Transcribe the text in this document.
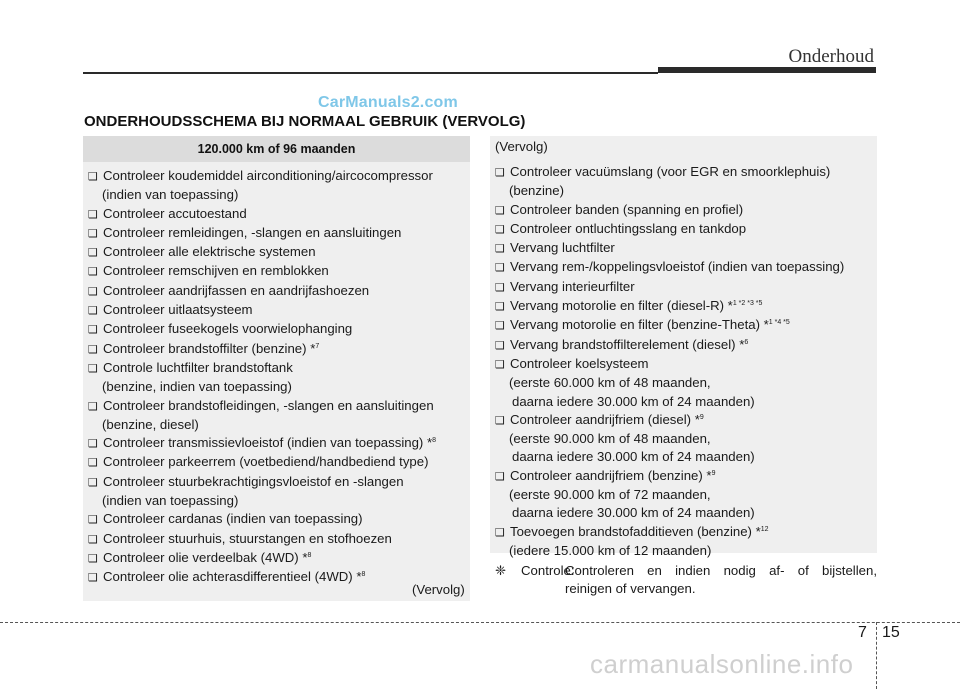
Onderhoud
CarManuals2.com
ONDERHOUDSSCHEMA BIJ NORMAAL GEBRUIK (VERVOLG)
120.000 km of 96 maanden
❑ Controleer koudemiddel airconditioning/aircocompressor
(indien van toepassing)
❑ Controleer accutoestand
❑ Controleer remleidingen, -slangen en aansluitingen
❑ Controleer alle elektrische systemen
❑ Controleer remschijven en remblokken
❑ Controleer aandrijfassen en aandrijfashoezen
❑ Controleer uitlaatsysteem
❑ Controleer fuseekogels voorwielophanging
❑ Controleer brandstoffilter (benzine) *$^7$
❑ Controle luchtfilter brandstoftank
(benzine, indien van toepassing)
❑ Controleer brandstofleidingen, -slangen en aansluitingen
(benzine, diesel)
❑ Controleer transmissievloeistof (indien van toepassing) *$^8$
❑ Controleer parkeerrem (voetbediend/handbediend type)
❑ Controleer stuurbekrachtigingsvloeistof en -slangen
(indien van toepassing)
❑ Controleer cardanas (indien van toepassing)
❑ Controleer stuurhuis, stuurstangen en stofhoezen
❑ Controleer olie verdeelbak (4WD) *$^8$
❑ Controleer olie achterasdifferentieel (4WD) *$^8$
(Vervolg)
(Vervolg)
❑ Controleer vacuümslang (voor EGR en smoorklephuis)
(benzine)
❑ Controleer banden (spanning en profiel)
❑ Controleer ontluchtingsslang en tankdop
❑ Vervang luchtfilter
❑ Vervang rem-/koppelingsvloeistof (indien van toepassing)
❑ Vervang interieurfilter
❑ Vervang motorolie en filter (diesel-R) *$^{1 *2 *3 *5}$
❑ Vervang motorolie en filter (benzine-Theta) *$^{1 *4 *5}$
❑ Vervang brandstoffilterelement (diesel) *$^6$
❑ Controleer koelsysteem
(eerste 60.000 km of 48 maanden,
daarna iedere 30.000 km of 24 maanden)
❑ Controleer aandrijfriem (diesel) *$^9$
(eerste 90.000 km of 48 maanden,
daarna iedere 30.000 km of 24 maanden)
❑ Controleer aandrijfriem (benzine) *$^9$
(eerste 90.000 km of 72 maanden,
daarna iedere 30.000 km of 24 maanden)
❑ Toevoegen brandstofadditieven (benzine) *$^{12}$
(iedere 15.000 km of 12 maanden)
❈	Controle:
Controleren en indien nodig af- of bijstellen,
reinigen of vervangen.
7 15
carmanualsonline.info
